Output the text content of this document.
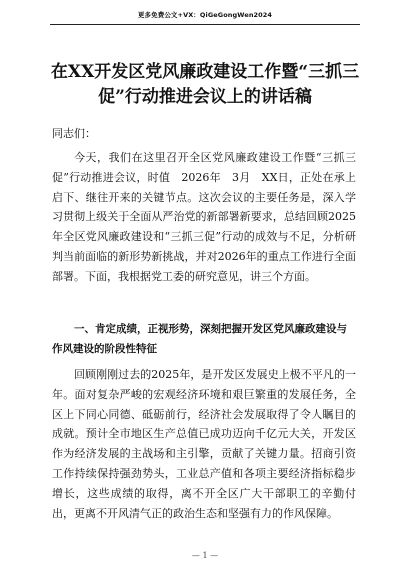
更多免费公文+VX：QiGeGongWen2024
在XX开发区党风廉政建设工作暨“三抓三促”行动推进会议上的讲话稿
同志们：

今天，我们在这里召开全区党风廉政建设工作暨“三抓三促”行动推进会议，时值　2026年　3月　XX日，正处在承上启下、继往开来的关键节点。这次会议的主要任务是，深入学习贯彻上级关于全面从严治党的新部署新要求，总结回顾2025年全区党风廉政建设和“三抓三促”行动的成效与不足，分析研判当前面临的新形势新挑战，并对2026年的重点工作进行全面部署。下面，我根据党工委的研究意见，讲三个方面。

一、肯定成绩，正视形势，深刻把握开发区党风廉政建设与作风建设的阶段性特征

回顾刚刚过去的2025年，是开发区发展史上极不平凡的一年。面对复杂严峻的宏观经济环境和艰巨繁重的发展任务，全区上下同心同德、砥砺前行，经济社会发展取得了令人瞩目的成就。预计全市地区生产总值已成功迈向千亿元大关，开发区作为经济发展的主战场和主引擎，贡献了关键力量。招商引资工作持续保持强劲势头，工业总产值和各项主要经济指标稳步增长，这些成绩的取得，离不开全区广大干部职工的辛勤付出，更离不开风清气正的政治生态和坚强有力的作风保障。

— 1 —
